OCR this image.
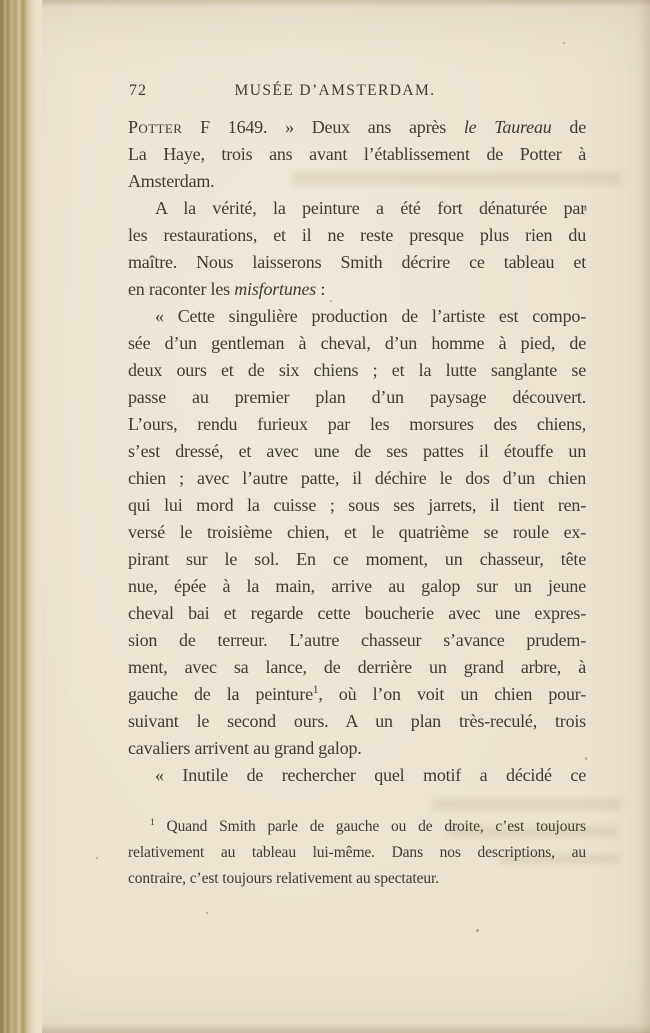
72	MUSÉE D’AMSTERDAM.
Potter F 1649. » Deux ans après le Taureau de
La Haye, trois ans avant l’établissement de Potter à
Amsterdam.
A la vérité, la peinture a été fort dénaturée par
les restaurations, et il ne reste presque plus rien du
maître. Nous laisserons Smith décrire ce tableau et
en raconter les misfortunes :
« Cette singulière production de l’artiste est compo-
sée d’un gentleman à cheval, d’un homme à pied, de
deux ours et de six chiens ; et la lutte sanglante se
passe au premier plan d’un paysage découvert.
L’ours, rendu furieux par les morsures des chiens,
s’est dressé, et avec une de ses pattes il étouffe un
chien ; avec l’autre patte, il déchire le dos d’un chien
qui lui mord la cuisse ; sous ses jarrets, il tient ren-
versé le troisième chien, et le quatrième se roule ex-
pirant sur le sol. En ce moment, un chasseur, tête
nue, épée à la main, arrive au galop sur un jeune
cheval bai et regarde cette boucherie avec une expres-
sion de terreur. L’autre chasseur s’avance prudem-
ment, avec sa lance, de derrière un grand arbre, à
gauche de la peinture$^1$, où l’on voit un chien pour-
suivant le second ours. A un plan très-reculé, trois
cavaliers arrivent au grand galop.
« Inutile de rechercher quel motif a décidé ce
$^1$ Quand Smith parle de gauche ou de droite, c’est toujours
relativement au tableau lui-même. Dans nos descriptions, au
contraire, c’est toujours relativement au spectateur.
